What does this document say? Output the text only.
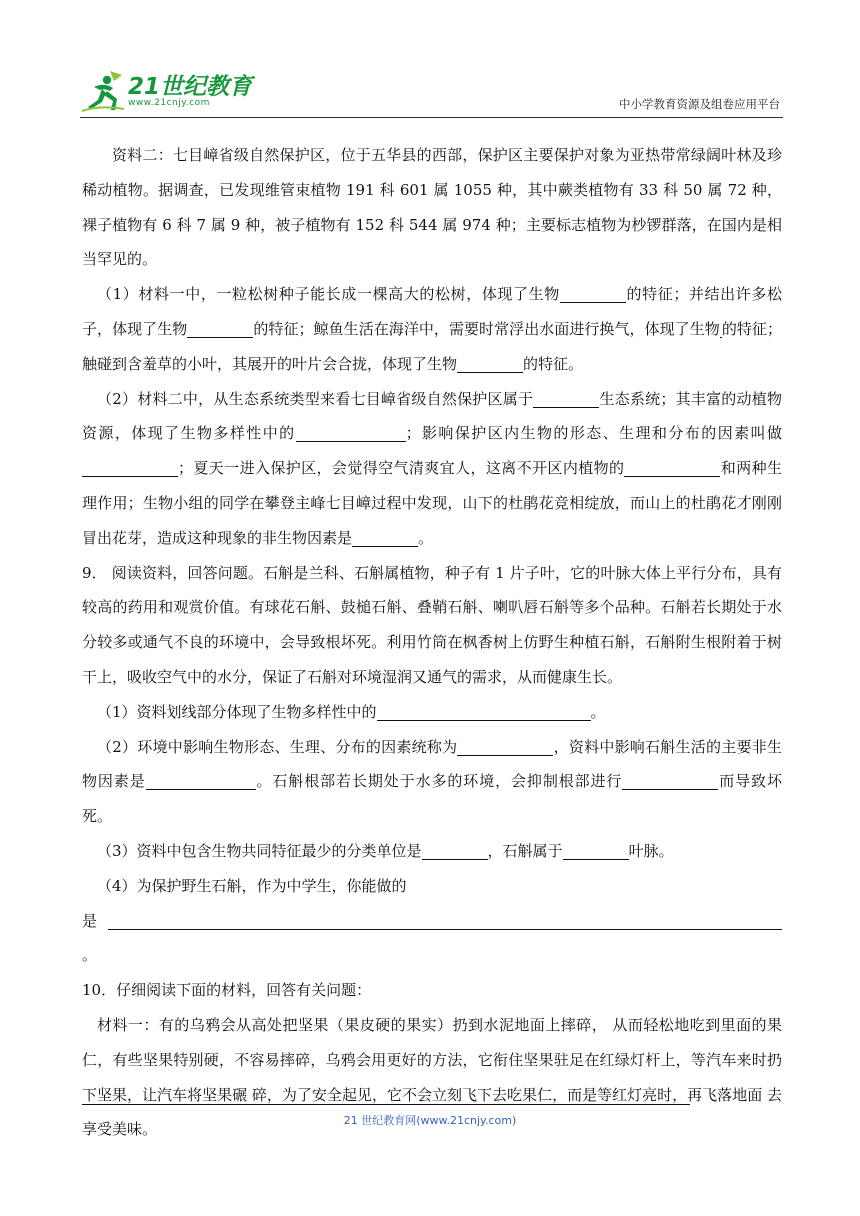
21世纪教育
www.21cnjy.com	中小学教育资源及组卷应用平台

资料二：七目嶂省级自然保护区，位于五华县的西部，保护区主要保护对象为亚热带常绿阔叶林及珍稀动植物。据调查，已发现维管束植物 191 科 601 属 1055 种，其中蕨类植物有 33 科 50 属 72 种，裸子植物有 6 科 7 属 9 种，被子植物有 152 科 544 属 974 种；主要标志植物为杪锣群落，在国内是相当罕见的。

（1）材料一中，一粒松树种子能长成一棵高大的松树，体现了生物	的特征；并结出许多松子，体现了生物	的特征；鲸鱼生活在海洋中，需要时常浮出水面进行换气，体现了生物 的特征；触碰到含羞草的小叶，其展开的叶片会合拢，体现了生物	的特征。

（2）材料二中，从生态系统类型来看七目嶂省级自然保护区属于	生态系统；其丰富的动植物资源，体现了生物多样性中的	；影响保护区内生物的形态、生理和分布的因素叫做；夏天一进入保护区，会觉得空气清爽宜人，这离不开区内植物的	和两种生理作用；生物小组的同学在攀登主峰七目嶂过程中发现，山下的杜鹃花竞相绽放，而山上的杜鹃花才刚刚冒出花芽，造成这种现象的非生物因素是	。

9． 阅读资料，回答问题。石斛是兰科、石斛属植物，种子有 1 片子叶，它的叶脉大体上平行分布，具有较高的药用和观赏价值。有球花石斛、鼓槌石斛、叠鞘石斛、喇叭唇石斛等多个品种。石斛若长期处于水分较多或通气不良的环境中，会导致根坏死。利用竹筒在枫香树上仿野生种植石斛，石斛附生根附着于树干上，吸收空气中的水分，保证了石斛对环境湿润又通气的需求，从而健康生长。

（1）资料划线部分体现了生物多样性中的	。

（2）环境中影响生物形态、生理、分布的因素统称为	，资料中影响石斛生活的主要非生物因素是	。石斛根部若长期处于水多的环境，会抑制根部进行	而导致坏死。

（3）资料中包含生物共同特征最少的分类单位是	，石斛属于	叶脉。

（4）为保护野生石斛，作为中学生，你能做的

是。

10．仔细阅读下面的材料，回答有关问题：

材料一：有的乌鸦会从高处把坚果（果皮硬的果实）扔到水泥地面上摔碎， 从而轻松地吃到里面的果仁，有些坚果特别硬，不容易摔碎，乌鸦会用更好的方法，它衔住坚果驻足在红绿灯杆上，等汽车来时扔下坚果，让汽车将坚果碾 碎，为了安全起见，它不会立刻飞下去吃果仁，而是等红灯亮时，再飞落地面 去享受美味。	21 世纪教育网(www.21cnjy.com)
